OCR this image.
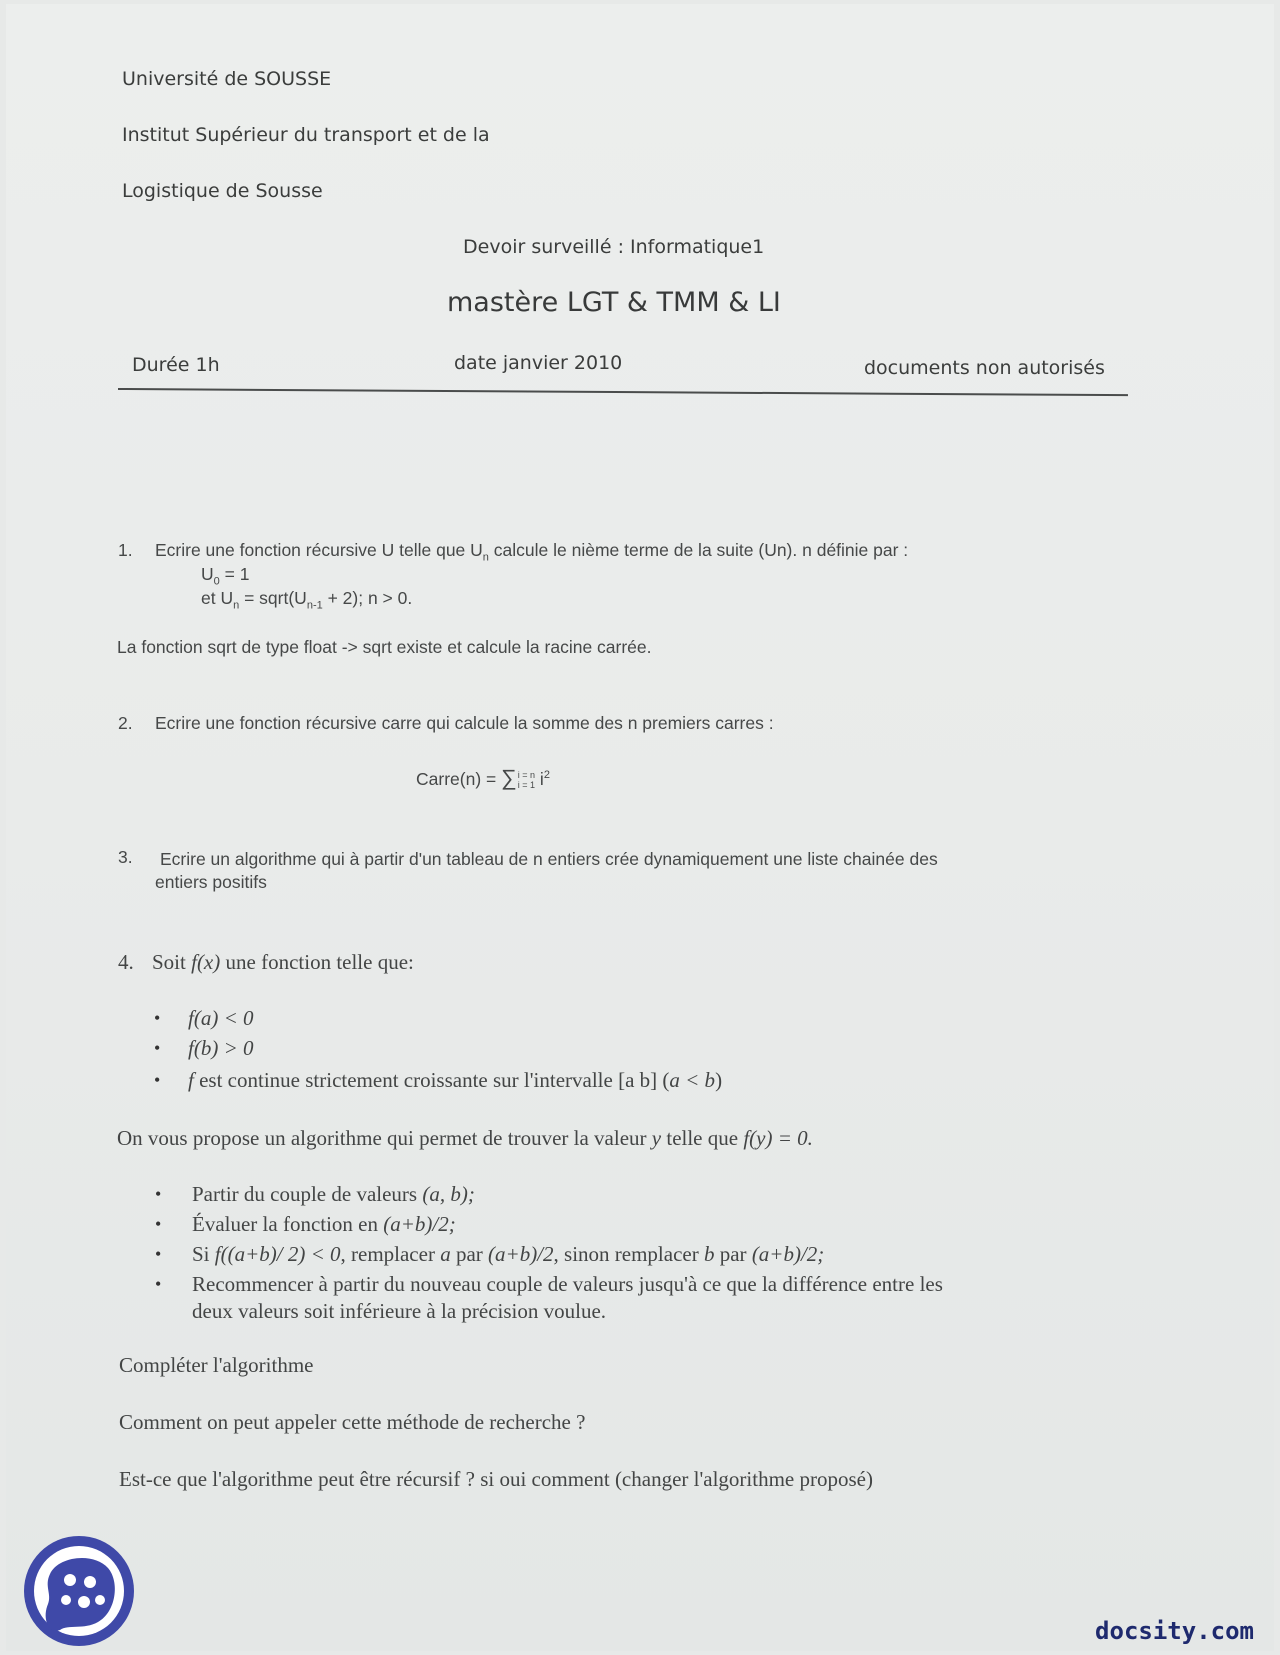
Université de SOUSSE
Institut Supérieur du transport et de la
Logistique de Sousse
Devoir surveillé : Informatique1
mastère LGT & TMM & LI
Durée 1h	date janvier 2010	documents non autorisés
1. Ecrire une fonction récursive U telle que $U_n$ calcule le nième terme de la suite (Un). n définie par :
$U_0 = 1$
et $U_n$ = $sqrt(U_{n-1} + 2)$; n > 0.
La fonction sqrt de type float -> sqrt existe et calcule la racine carrée.
2. Ecrire une fonction récursive carre qui calcule la somme des n premiers carres :
Carre(n) = ∑ i = n
i = 1 $i^2$
3. Ecrire un algorithme qui à partir d'un tableau de n entiers crée dynamiquement une liste chainée des
entiers positifs
4. Soit f(x) une fonction telle que:
• f(a) < 0
• f(b) > 0
• f est continue strictement croissante sur l'intervalle [a b] (a < b)
On vous propose un algorithme qui permet de trouver la valeur y telle que f(y) = 0.
• Partir du couple de valeurs (a, b);
• Évaluer la fonction en (a+b)/2;
• Si f((a+b)/ 2) < 0, remplacer a par (a+b)/2, sinon remplacer b par (a+b)/2;
• Recommencer à partir du nouveau couple de valeurs jusqu'à ce que la différence entre les
deux valeurs soit inférieure à la précision voulue.
Compléter l'algorithme
Comment on peut appeler cette méthode de recherche ?
Est-ce que l'algorithme peut être récursif ? si oui comment (changer l'algorithme proposé)
docsity.com
